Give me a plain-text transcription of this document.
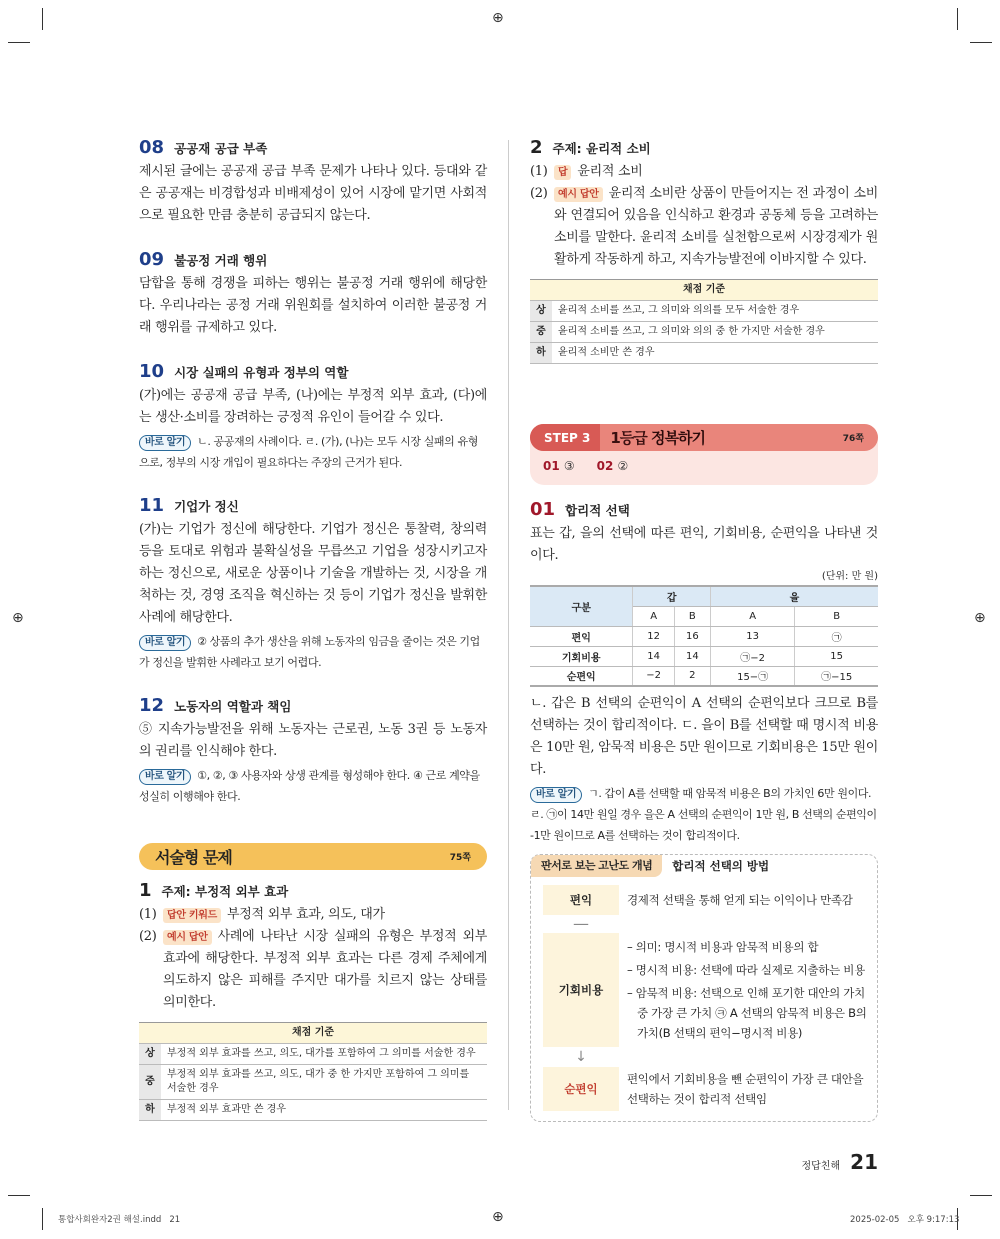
⊕
⊕	⊕
⊕
08 공공재 공급 부족

제시된 글에는 공공재 공급 부족 문제가 나타나 있다. 등대와 같은 공공재는 비경합성과 비배제성이 있어 시장에 맡기면 사회적으로 필요한 만큼 충분히 공급되지 않는다.

09 불공정 거래 행위

담합을 통해 경쟁을 피하는 행위는 불공정 거래 행위에 해당한다. 우리나라는 공정 거래 위원회를 설치하여 이러한 불공정 거래 행위를 규제하고 있다.

10 시장 실패의 유형과 정부의 역할

(가)에는 공공재 공급 부족, (나)에는 부정적 외부 효과, (다)에는 생산·소비를 장려하는 긍정적 유인이 들어갈 수 있다.

바로 알기 ㄴ. 공공재의 사례이다. ㄹ. (가), (나)는 모두 시장 실패의 유형으로, 정부의 시장 개입이 필요하다는 주장의 근거가 된다.

11 기업가 정신

(가)는 기업가 정신에 해당한다. 기업가 정신은 통찰력, 창의력 등을 토대로 위험과 불확실성을 무릅쓰고 기업을 성장시키고자 하는 정신으로, 새로운 상품이나 기술을 개발하는 것, 시장을 개척하는 것, 경영 조직을 혁신하는 것 등이 기업가 정신을 발휘한 사례에 해당한다.

바로 알기 ② 상품의 추가 생산을 위해 노동자의 임금을 줄이는 것은 기업가 정신을 발휘한 사례라고 보기 어렵다.

12 노동자의 역할과 책임

⑤ 지속가능발전을 위해 노동자는 근로권, 노동 3권 등 노동자의 권리를 인식해야 한다.

바로 알기 ①, ②, ③ 사용자와 상생 관계를 형성해야 한다. ④ 근로 계약을 성실히 이행해야 한다.

서술형 문제	75쪽
1 주제: 부정적 외부 효과

(1) 답안 키워드 부정적 외부 효과, 의도, 대가

(2) 예시 답안 사례에 나타난 시장 실패의 유형은 부정적 외부 효과에 해당한다. 부정적 외부 효과는 다른 경제 주체에게 의도하지 않은 피해를 주지만 대가를 치르지 않는 상태를 의미한다.

채점 기준	
상	부정적 외부 효과를 쓰고, 의도, 대가를 포함하여 그 의미를 서술한 경우
중	부정적 외부 효과를 쓰고, 의도, 대가 중 한 가지만 포함하여 그 의미를 서술한 경우
하	부정적 외부 효과만 쓴 경우
2 주제: 윤리적 소비

(1) 답 윤리적 소비

(2) 예시 답안 윤리적 소비란 상품이 만들어지는 전 과정이 소비와 연결되어 있음을 인식하고 환경과 공동체 등을 고려하는 소비를 말한다. 윤리적 소비를 실천함으로써 시장경제가 원활하게 작동하게 하고, 지속가능발전에 이바지할 수 있다.

채점 기준	
상	윤리적 소비를 쓰고, 그 의미와 의의를 모두 서술한 경우
중	윤리적 소비를 쓰고, 그 의미와 의의 중 한 가지만 서술한 경우
하	윤리적 소비만 쓴 경우
STEP 3	1등급 정복하기	76쪽
01 ③ 02 ②
01 합리적 선택

표는 갑, 을의 선택에 따른 편익, 기회비용, 순편익을 나타낸 것이다.

(단위: 만 원)
구분	갑		을	
	A	B	A	B
편익	12	16	13	㉠
기회비용	14	14	㉠−2	15
순편익	−2	2	15−㉠	㉠−15

ㄴ. 갑은 B 선택의 순편익이 A 선택의 순편익보다 크므로 B를 선택하는 것이 합리적이다. ㄷ. 을이 B를 선택할 때 명시적 비용은 10만 원, 암묵적 비용은 5만 원이므로 기회비용은 15만 원이다.

바로 알기 ㄱ. 갑이 A를 선택할 때 암묵적 비용은 B의 가치인 6만 원이다. ㄹ. ㉠이 14만 원일 경우 을은 A 선택의 순편익이 1만 원, B 선택의 순편익이 -1만 원이므로 A를 선택하는 것이 합리적이다.

판서로 보는 고난도 개념	합리적 선택의 방법
편익	경제적 선택을 통해 얻게 되는 이익이나 만족감
—
기회비용
– 의미: 명시적 비용과 암묵적 비용의 합
– 명시적 비용: 선택에 따라 실제로 지출하는 비용
– 암묵적 비용: 선택으로 인해 포기한 대안의 가치 중 가장 큰 가치 ㉪ A 선택의 암묵적 비용은 B의 가치(B 선택의 편익−명시적 비용)
↓
순편익
편익에서 기회비용을 뺀 순편익이 가장 큰 대안을 선택하는 것이 합리적 선택임
정답친해 21
통합사회완자2권 해설.indd   21	2025-02-05   오후 9:17:13
